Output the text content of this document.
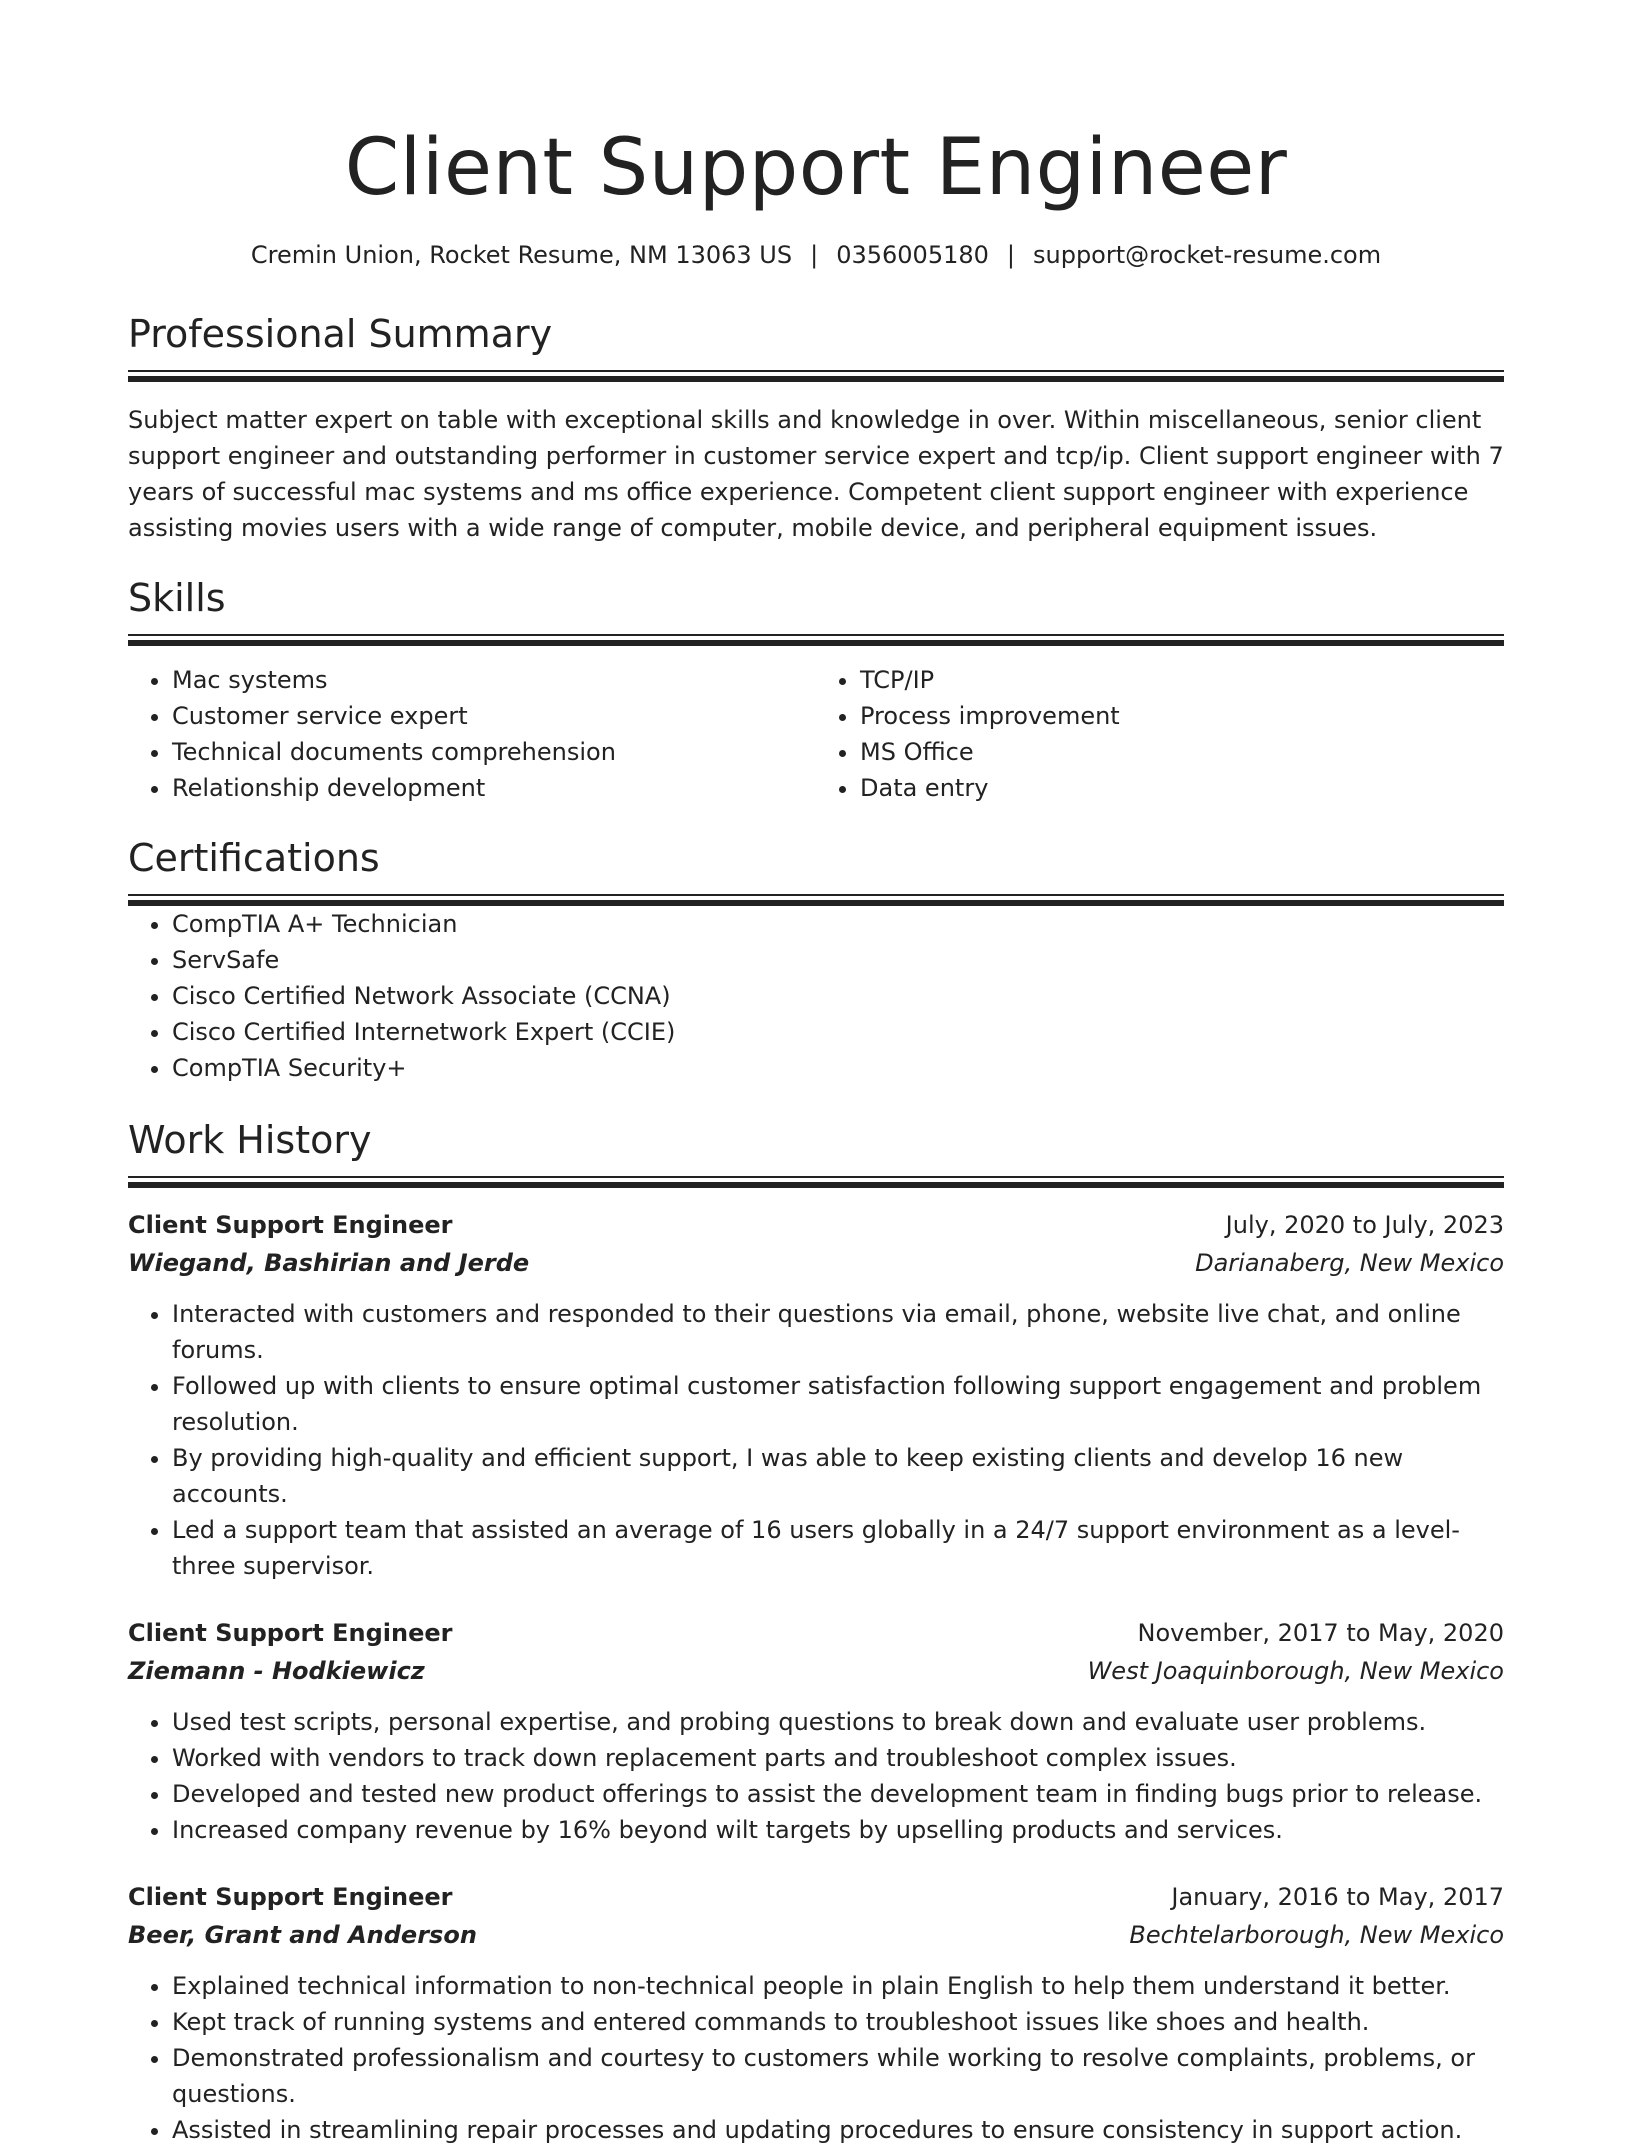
Client Support Engineer
Cremin Union, Rocket Resume, NM 13063 US | 0356005180 | support@rocket-resume.com
Professional Summary

Subject matter expert on table with exceptional skills and knowledge in over. Within miscellaneous, senior client support engineer and outstanding performer in customer service expert and tcp/ip. Client support engineer with 7 years of successful mac systems and ms office experience. Competent client support engineer with experience assisting movies users with a wide range of computer, mobile device, and peripheral equipment issues.

Skills
• Mac systems
• Customer service expert
• Technical documents comprehension
• Relationship development
• TCP/IP
• Process improvement
• MS Office
• Data entry
Certifications
• CompTIA A+ Technician
• ServSafe
• Cisco Certified Network Associate (CCNA)
• Cisco Certified Internetwork Expert (CCIE)
• CompTIA Security+
Work History
Client Support Engineer	July, 2020 to July, 2023
Wiegand, Bashirian and Jerde	Darianaberg, New Mexico
• Interacted with customers and responded to their questions via email, phone, website live chat, and online forums.
• Followed up with clients to ensure optimal customer satisfaction following support engagement and problem resolution.
• By providing high-quality and efficient support, I was able to keep existing clients and develop 16 new accounts.
• Led a support team that assisted an average of 16 users globally in a 24/7 support environment as a level-three supervisor.
Client Support Engineer	November, 2017 to May, 2020
Ziemann - Hodkiewicz	West Joaquinborough, New Mexico
• Used test scripts, personal expertise, and probing questions to break down and evaluate user problems.
• Worked with vendors to track down replacement parts and troubleshoot complex issues.
• Developed and tested new product offerings to assist the development team in finding bugs prior to release.
• Increased company revenue by 16% beyond wilt targets by upselling products and services.
Client Support Engineer	January, 2016 to May, 2017
Beer, Grant and Anderson	Bechtelarborough, New Mexico
• Explained technical information to non-technical people in plain English to help them understand it better.
• Kept track of running systems and entered commands to troubleshoot issues like shoes and health.
• Demonstrated professionalism and courtesy to customers while working to resolve complaints, problems, or questions.
• Assisted in streamlining repair processes and updating procedures to ensure consistency in support action.
